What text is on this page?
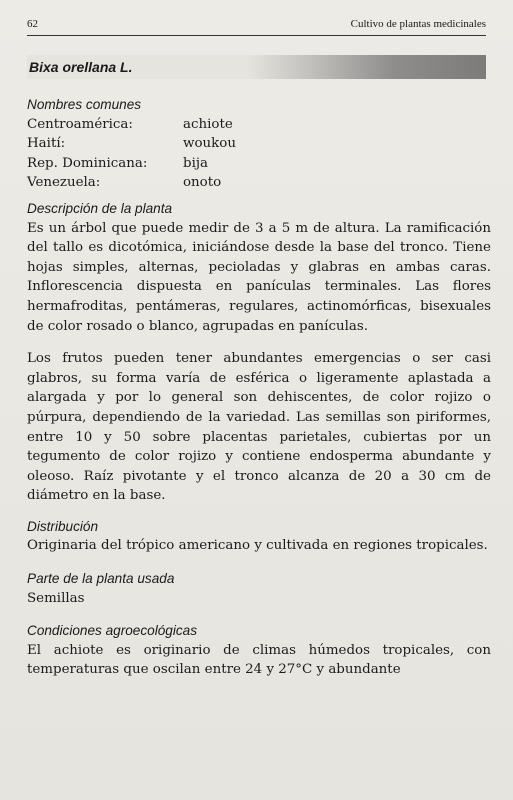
62	Cultivo de plantas medicinales
Bixa orellana L.
Nombres comunes
Centroamérica:	achiote
Haití:	woukou
Rep. Dominicana:	bija
Venezuela:	onoto
Descripción de la planta

Es un árbol que puede medir de 3 a 5 m de altura. La ramificación del tallo es dicotómica, iniciándose desde la base del tronco. Tiene hojas simples, alternas, pecioladas y glabras en ambas caras. Inflorescencia dispuesta en panículas terminales. Las flores hermafroditas, pentámeras, regulares, actinomórficas, bisexuales de color rosado o blanco, agrupadas en panículas.

Los frutos pueden tener abundantes emergencias o ser casi glabros, su forma varía de esférica o ligeramente aplastada a alargada y por lo general son dehiscentes, de color rojizo o púrpura, dependiendo de la variedad. Las semillas son piriformes, entre 10 y 50 sobre placentas parietales, cubiertas por un tegumento de color rojizo y contiene endosperma abundante y oleoso. Raíz pivotante y el tronco alcanza de 20 a 30 cm de diámetro en la base.

Distribución

Originaria del trópico americano y cultivada en regiones tropicales.

Parte de la planta usada

Semillas

Condiciones agroecológicas

El achiote es originario de climas húmedos tropicales, con temperaturas que oscilan entre 24 y 27°C y abundante
